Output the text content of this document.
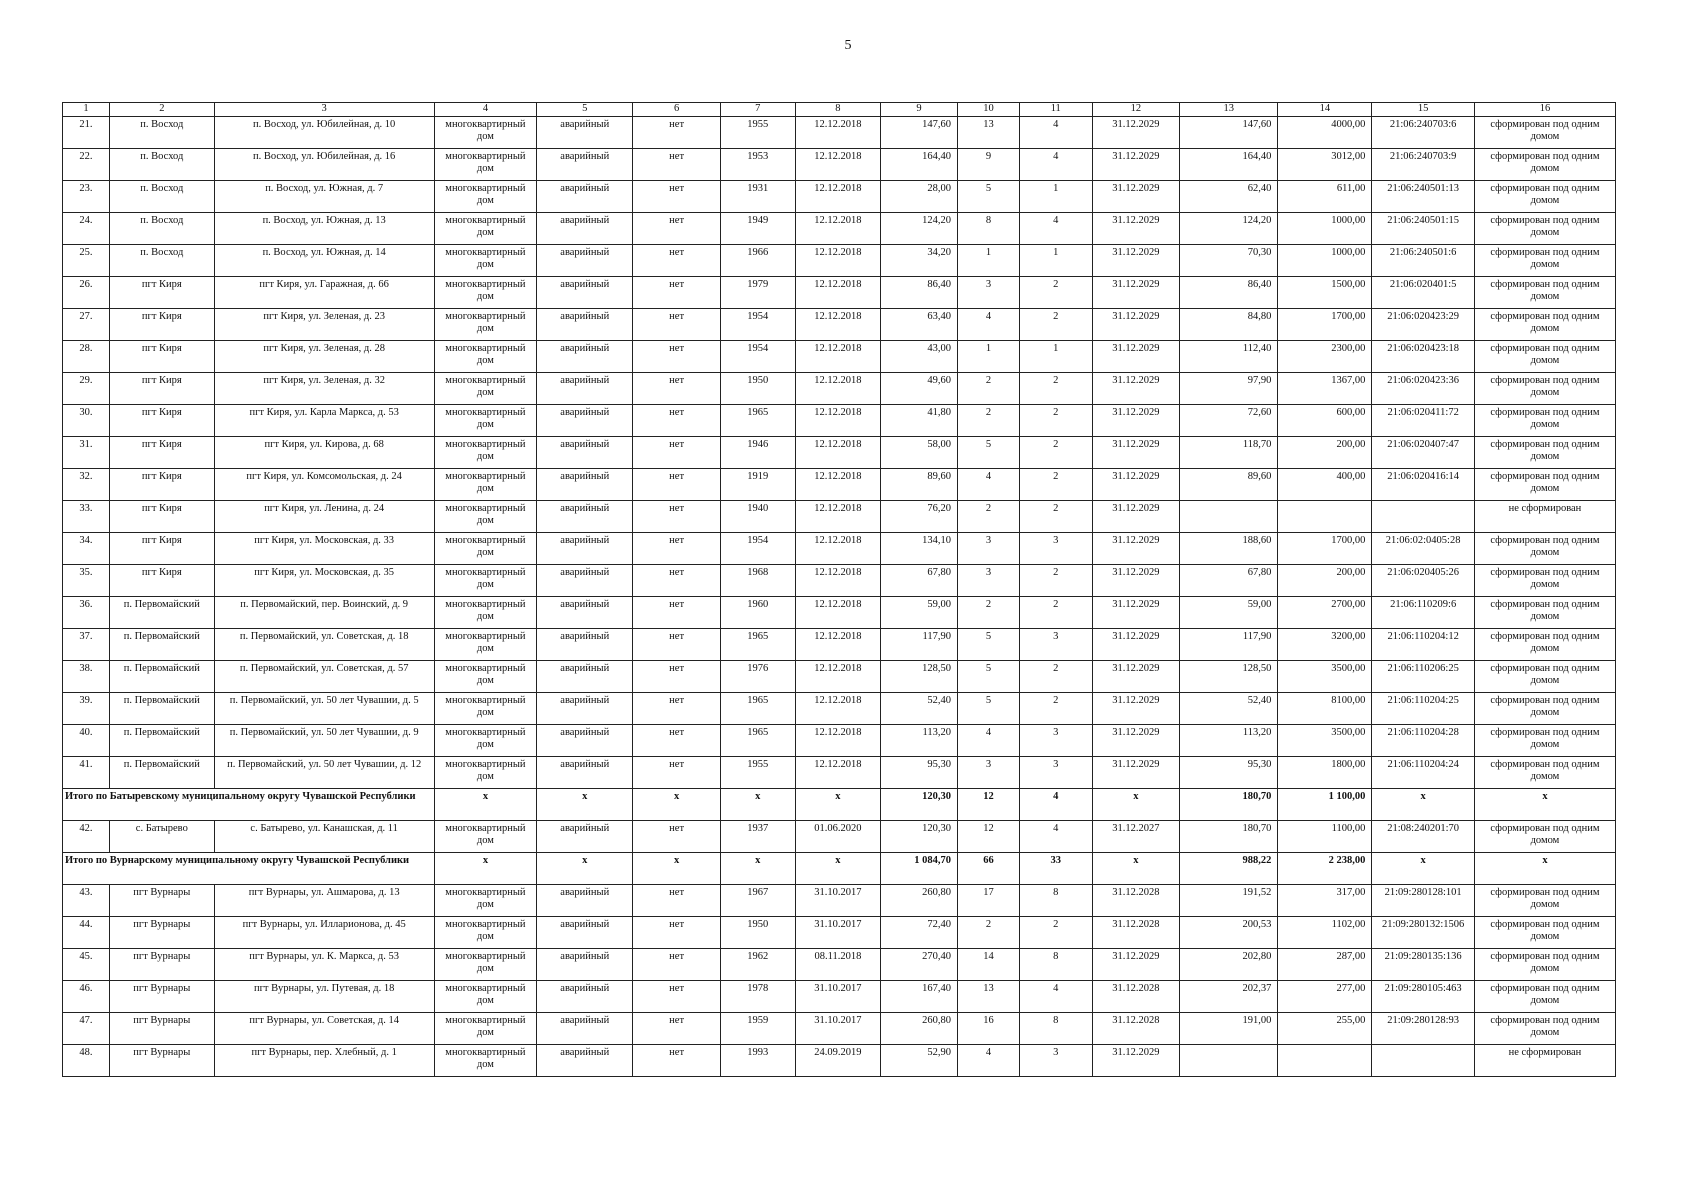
5
1	2	3	4	5	6	7	8	9	10	11	12	13	14	15	16
21.	п. Восход	п. Восход, ул. Юбилейная, д. 10	многоквартирный дом	аварийный	нет	1955	12.12.2018	147,60	13	4	31.12.2029	147,60	4000,00	21:06:240703:6	сформирован под одним домом
22.	п. Восход	п. Восход, ул. Юбилейная, д. 16	многоквартирный дом	аварийный	нет	1953	12.12.2018	164,40	9	4	31.12.2029	164,40	3012,00	21:06:240703:9	сформирован под одним домом
23.	п. Восход	п. Восход, ул. Южная, д. 7	многоквартирный дом	аварийный	нет	1931	12.12.2018	28,00	5	1	31.12.2029	62,40	611,00	21:06:240501:13	сформирован под одним домом
24.	п. Восход	п. Восход, ул. Южная, д. 13	многоквартирный дом	аварийный	нет	1949	12.12.2018	124,20	8	4	31.12.2029	124,20	1000,00	21:06:240501:15	сформирован под одним домом
25.	п. Восход	п. Восход, ул. Южная, д. 14	многоквартирный дом	аварийный	нет	1966	12.12.2018	34,20	1	1	31.12.2029	70,30	1000,00	21:06:240501:6	сформирован под одним домом
26.	пгт Киря	пгт Киря, ул. Гаражная, д. 66	многоквартирный дом	аварийный	нет	1979	12.12.2018	86,40	3	2	31.12.2029	86,40	1500,00	21:06:020401:5	сформирован под одним домом
27.	пгт Киря	пгт Киря, ул. Зеленая, д. 23	многоквартирный дом	аварийный	нет	1954	12.12.2018	63,40	4	2	31.12.2029	84,80	1700,00	21:06:020423:29	сформирован под одним домом
28.	пгт Киря	пгт Киря, ул. Зеленая, д. 28	многоквартирный дом	аварийный	нет	1954	12.12.2018	43,00	1	1	31.12.2029	112,40	2300,00	21:06:020423:18	сформирован под одним домом
29.	пгт Киря	пгт Киря, ул. Зеленая, д. 32	многоквартирный дом	аварийный	нет	1950	12.12.2018	49,60	2	2	31.12.2029	97,90	1367,00	21:06:020423:36	сформирован под одним домом
30.	пгт Киря	пгт Киря, ул. Карла Маркса, д. 53	многоквартирный дом	аварийный	нет	1965	12.12.2018	41,80	2	2	31.12.2029	72,60	600,00	21:06:020411:72	сформирован под одним домом
31.	пгт Киря	пгт Киря, ул. Кирова, д. 68	многоквартирный дом	аварийный	нет	1946	12.12.2018	58,00	5	2	31.12.2029	118,70	200,00	21:06:020407:47	сформирован под одним домом
32.	пгт Киря	пгт Киря, ул. Комсомольская, д. 24	многоквартирный дом	аварийный	нет	1919	12.12.2018	89,60	4	2	31.12.2029	89,60	400,00	21:06:020416:14	сформирован под одним домом
33.	пгт Киря	пгт Киря, ул. Ленина, д. 24	многоквартирный дом	аварийный	нет	1940	12.12.2018	76,20	2	2	31.12.2029				не сформирован
34.	пгт Киря	пгт Киря, ул. Московская, д. 33	многоквартирный дом	аварийный	нет	1954	12.12.2018	134,10	3	3	31.12.2029	188,60	1700,00	21:06:02:0405:28	сформирован под одним домом
35.	пгт Киря	пгт Киря, ул. Московская, д. 35	многоквартирный дом	аварийный	нет	1968	12.12.2018	67,80	3	2	31.12.2029	67,80	200,00	21:06:020405:26	сформирован под одним домом
36.	п. Первомайский	п. Первомайский, пер. Воинский, д. 9	многоквартирный дом	аварийный	нет	1960	12.12.2018	59,00	2	2	31.12.2029	59,00	2700,00	21:06:110209:6	сформирован под одним домом
37.	п. Первомайский	п. Первомайский, ул. Советская, д. 18	многоквартирный дом	аварийный	нет	1965	12.12.2018	117,90	5	3	31.12.2029	117,90	3200,00	21:06:110204:12	сформирован под одним домом
38.	п. Первомайский	п. Первомайский, ул. Советская, д. 57	многоквартирный дом	аварийный	нет	1976	12.12.2018	128,50	5	2	31.12.2029	128,50	3500,00	21:06:110206:25	сформирован под одним домом
39.	п. Первомайский	п. Первомайский, ул. 50 лет Чувашии, д. 5	многоквартирный дом	аварийный	нет	1965	12.12.2018	52,40	5	2	31.12.2029	52,40	8100,00	21:06:110204:25	сформирован под одним домом
40.	п. Первомайский	п. Первомайский, ул. 50 лет Чувашии, д. 9	многоквартирный дом	аварийный	нет	1965	12.12.2018	113,20	4	3	31.12.2029	113,20	3500,00	21:06:110204:28	сформирован под одним домом
41.	п. Первомайский	п. Первомайский, ул. 50 лет Чувашии, д. 12	многоквартирный дом	аварийный	нет	1955	12.12.2018	95,30	3	3	31.12.2029	95,30	1800,00	21:06:110204:24	сформирован под одним домом
Итого по Батыревскому муниципальному округу Чувашской Республики			x	x	x	x	x	120,30	12	4	x	180,70	1 100,00	x	x
42.	с. Батырево	с. Батырево, ул. Канашская, д. 11	многоквартирный дом	аварийный	нет	1937	01.06.2020	120,30	12	4	31.12.2027	180,70	1100,00	21:08:240201:70	сформирован под одним домом
Итого по Вурнарскому муниципальному округу Чувашской Республики			x	x	x	x	x	1 084,70	66	33	x	988,22	2 238,00	x	x
43.	пгт Вурнары	пгт Вурнары, ул. Ашмарова, д. 13	многоквартирный дом	аварийный	нет	1967	31.10.2017	260,80	17	8	31.12.2028	191,52	317,00	21:09:280128:101	сформирован под одним домом
44.	пгт Вурнары	пгт Вурнары, ул. Илларионова, д. 45	многоквартирный дом	аварийный	нет	1950	31.10.2017	72,40	2	2	31.12.2028	200,53	1102,00	21:09:280132:1506	сформирован под одним домом
45.	пгт Вурнары	пгт Вурнары, ул. К. Маркса, д. 53	многоквартирный дом	аварийный	нет	1962	08.11.2018	270,40	14	8	31.12.2029	202,80	287,00	21:09:280135:136	сформирован под одним домом
46.	пгт Вурнары	пгт Вурнары, ул. Путевая, д. 18	многоквартирный дом	аварийный	нет	1978	31.10.2017	167,40	13	4	31.12.2028	202,37	277,00	21:09:280105:463	сформирован под одним домом
47.	пгт Вурнары	пгт Вурнары, ул. Советская, д. 14	многоквартирный дом	аварийный	нет	1959	31.10.2017	260,80	16	8	31.12.2028	191,00	255,00	21:09:280128:93	сформирован под одним домом
48.	пгт Вурнары	пгт Вурнары, пер. Хлебный, д. 1	многоквартирный дом	аварийный	нет	1993	24.09.2019	52,90	4	3	31.12.2029				не сформирован
